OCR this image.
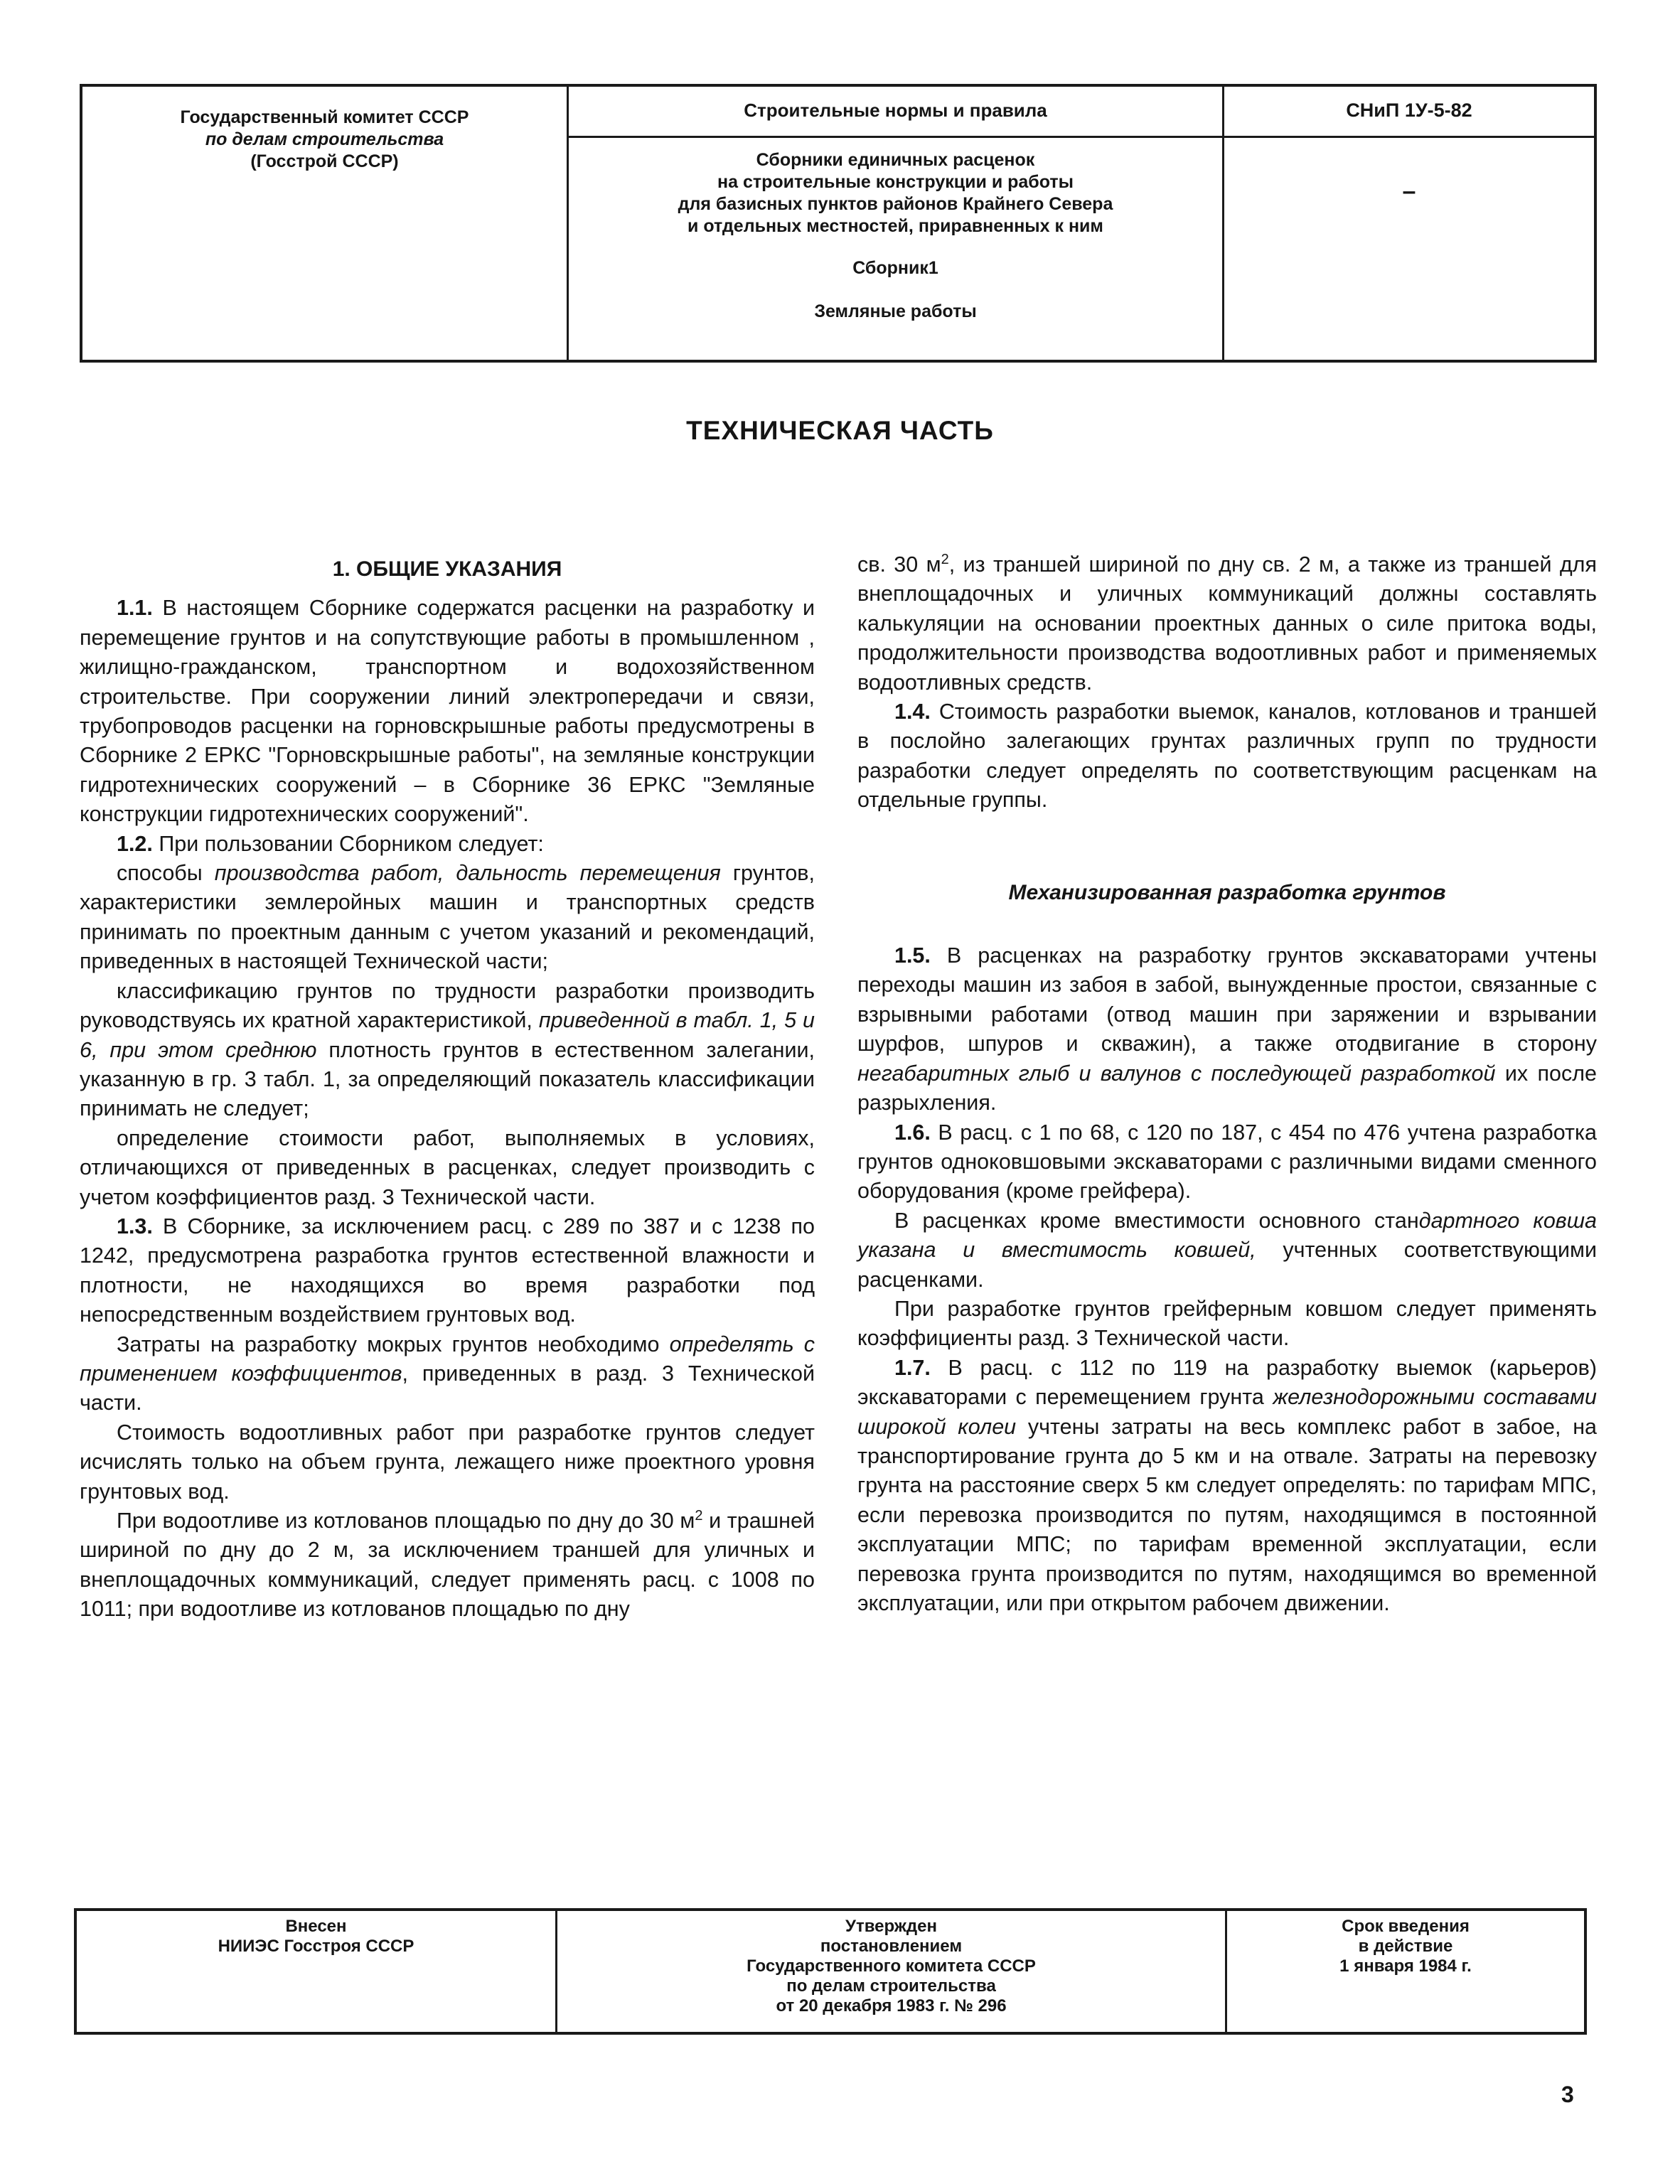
Государственный комитет СССР
по делам строительства
(Госстрой СССР)
Строительные нормы и правила
Сборники единичных расценок
на строительные конструкции и работы
для базисных пунктов районов Крайнего Севера
и отдельных местностей, приравненных к ним
Сборник1
Земляные работы
СНиП 1У-5-82
–
ТЕХНИЧЕСКАЯ ЧАСТЬ
1. ОБЩИЕ УКАЗАНИЯ

1.1. В настоящем Сборнике содержатся расценки на разработку и перемещение грунтов и на сопутствующие работы в промышленном , жилищно-гражданском, транспортном и водохозяйственном строительстве. При сооружении линий электропередачи и связи, трубопроводов расценки на горновскрышные работы предусмотрены в Сборнике 2 ЕРКС "Горновскрышные работы", на земляные конструкции гидротехнических сооружений – в Сборнике 36 ЕРКС "Земляные конструкции гидротехнических сооружений".

1.2. При пользовании Сборником следует:

способы производства работ, дальность перемещения грунтов, характеристики землеройных машин и транспортных средств принимать по проектным данным с учетом указаний и рекомендаций, приведенных в настоящей Технической части;

классификацию грунтов по трудности разработки производить руководствуясь их кратной характеристикой, приведенной в табл. 1, 5 и 6, при этом среднюю плотность грунтов в естественном залегании, указанную в гр. 3 табл. 1, за определяющий показатель классификации принимать не следует;

определение стоимости работ, выполняемых в условиях, отличающихся от приведенных в расценках, следует производить с учетом коэффициентов разд. 3 Технической части.

1.3. В Сборнике, за исключением расц. с 289 по 387 и с 1238 по 1242, предусмотрена разработка грунтов естественной влажности и плотности, не находящихся во время разработки под непосредственным воздействием грунтовых вод.

Затраты на разработку мокрых грунтов необходимо определять с применением коэффициентов, приведенных в разд. 3 Технической части.

Стоимость водоотливных работ при разработке грунтов следует исчислять только на объем грунта, лежащего ниже проектного уровня грунтовых вод.

При водоотливе из котлованов площадью по дну до 30 $м^2$ и трашней шириной по дну до 2 м, за исключением траншей для уличных и внеплощадочных коммуникаций, следует применять расц. с 1008 по 1011; при водоотливе из котлованов площадью по дну

св. 30 $м^2$, из траншей шириной по дну св. 2 м, а также из траншей для внеплощадочных и уличных коммуникаций должны составлять калькуляции на основании проектных данных о силе притока воды, продолжительности производства водоотливных работ и применяемых водоотливных средств.

1.4. Стоимость разработки выемок, каналов, котлованов и траншей в послойно залегающих грунтах различных групп по трудности разработки следует определять по соответствующим расценкам на отдельные группы.

Механизированная разработка грунтов

1.5. В расценках на разработку грунтов экскаваторами учтены переходы машин из забоя в забой, вынужденные простои, связанные с взрывными работами (отвод машин при заряжении и взрывании шурфов, шпуров и скважин), а также отодвигание в сторону негабаритных глыб и валунов с последующей разработкой их после разрыхления.

1.6. В расц. с 1 по 68, с 120 по 187, с 454 по 476 учтена разработка грунтов одноковшовыми экскаваторами с различными видами сменного оборудования (кроме грейфера).

В расценках кроме вместимости основного стандартного ковша указана и вместимость ковшей, учтенных соответствующими расценками.

При разработке грунтов грейферным ковшом следует применять коэффициенты разд. 3 Технической части.

1.7. В расц. с 112 по 119 на разработку выемок (карьеров) экскаваторами с перемещением грунта железнодорожными составами широкой колеи учтены затраты на весь комплекс работ в забое, на транспортирование грунта до 5 км и на отвале. Затраты на перевозку грунта на расстояние сверх 5 км следует определять: по тарифам МПС, если перевозка производится по путям, находящимся в постоянной эксплуатации МПС; по тарифам временной эксплуатации, если перевозка грунта производится по путям, находящимся во временной эксплуатации, или при открытом рабочем движении.

Внесен
НИИЭС Госстроя СССР
Утвержден
постановлением
Государственного комитета СССР
по делам строительства
от 20 декабря 1983 г. № 296
Срок введения
в действие
1 января 1984 г.
3
